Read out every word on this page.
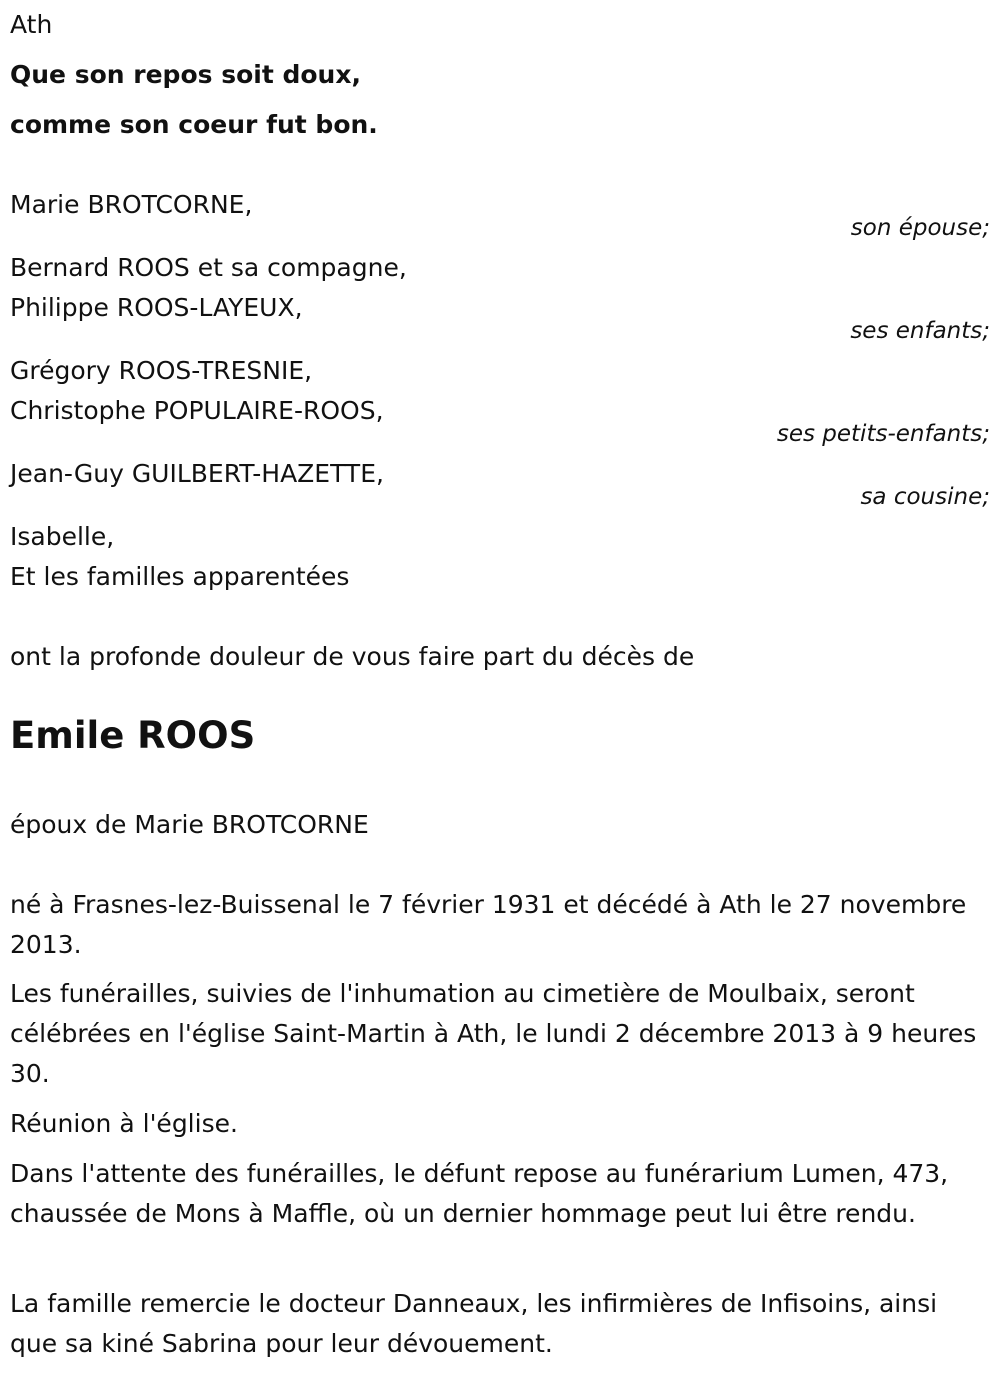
Ath
Que son repos soit doux,
comme son coeur fut bon.
Marie BROTCORNE,
son épouse;
Bernard ROOS et sa compagne,
Philippe ROOS-LAYEUX,
ses enfants;
Grégory ROOS-TRESNIE,
Christophe POPULAIRE-ROOS,
ses petits-enfants;
Jean-Guy GUILBERT-HAZETTE,
sa cousine;
Isabelle,
Et les familles apparentées
ont la profonde douleur de vous faire part du décès de
Emile ROOS
époux de Marie BROTCORNE
né à Frasnes-lez-Buissenal le 7 février 1931 et décédé à Ath le 27 novembre 2013.
Les funérailles, suivies de l'inhumation au cimetière de Moulbaix, seront célébrées en l'église Saint-Martin à Ath, le lundi 2 décembre 2013 à 9 heures 30.
Réunion à l'église.
Dans l'attente des funérailles, le défunt repose au funérarium Lumen, 473, chaussée de Mons à Maffle, où un dernier hommage peut lui être rendu.
La famille remercie le docteur Danneaux, les infirmières de Infisoins, ainsi que sa kiné Sabrina pour leur dévouement.
